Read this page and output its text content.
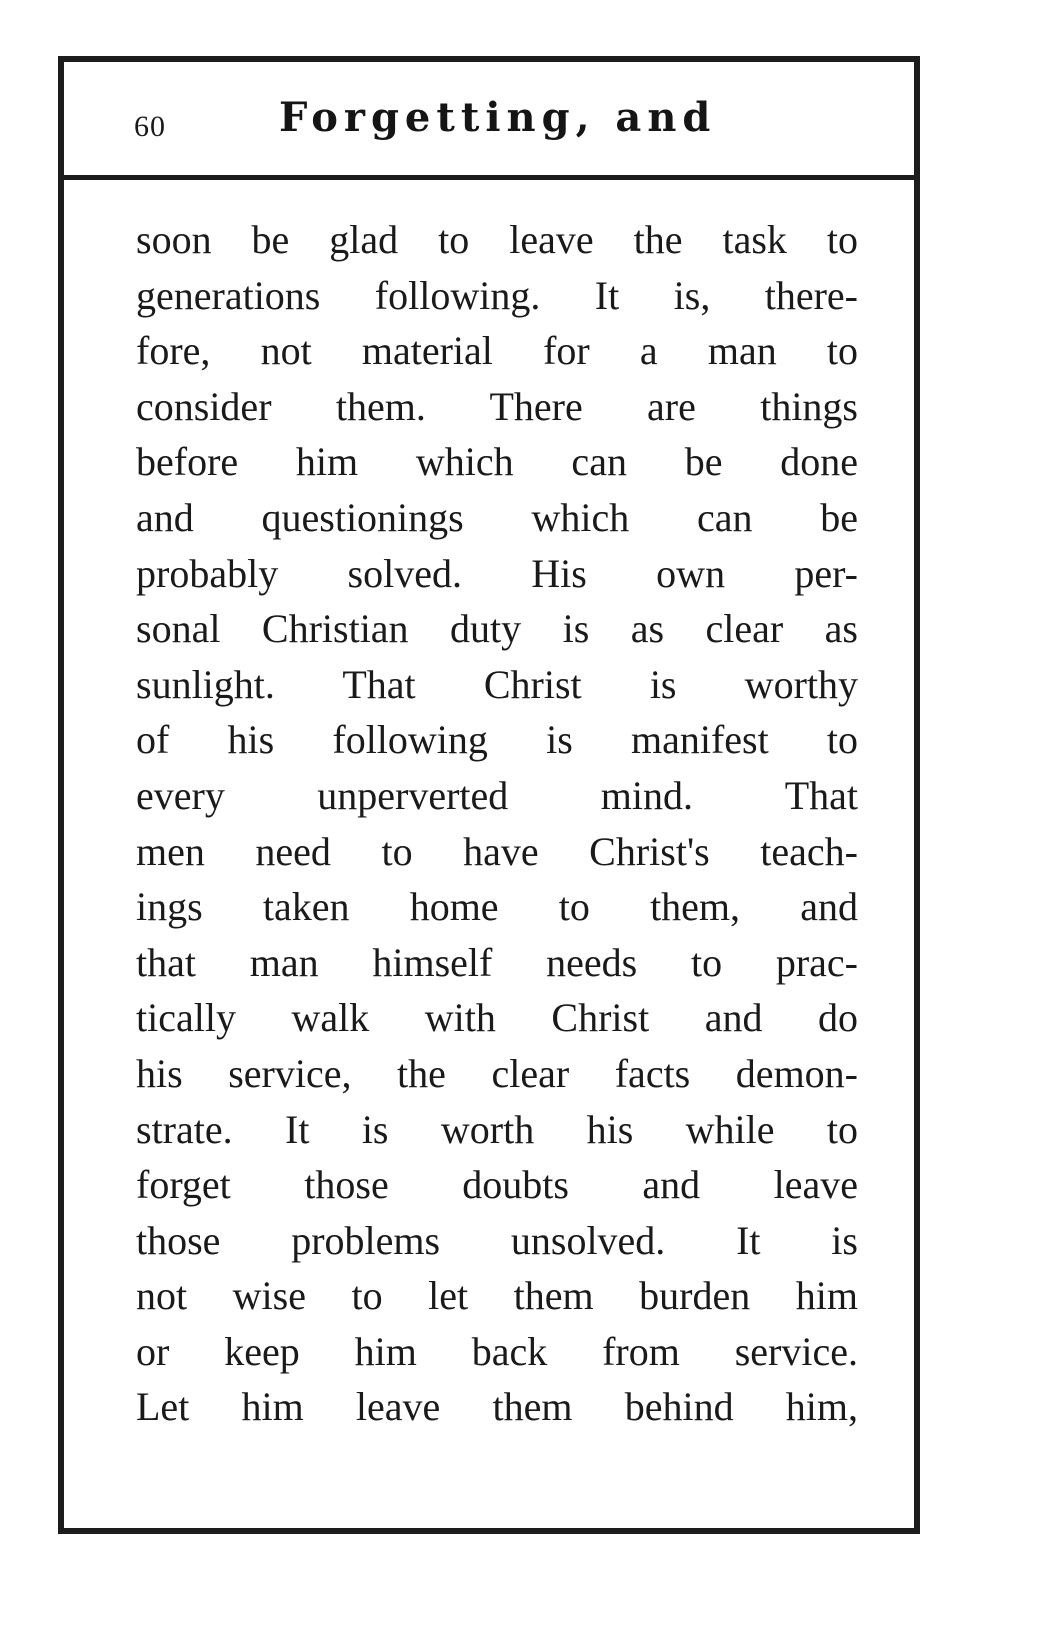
60	Forgetting, and
soon be glad to leave the task to
generations following. It is, there-
fore, not material for a man to
consider them. There are things
before him which can be done
and questionings which can be
probably solved. His own per-
sonal Christian duty is as clear as
sunlight. That Christ is worthy
of his following is manifest to
every unperverted mind. That
men need to have Christ's teach-
ings taken home to them, and
that man himself needs to prac-
tically walk with Christ and do
his service, the clear facts demon-
strate. It is worth his while to
forget those doubts and leave
those problems unsolved. It is
not wise to let them burden him
or keep him back from service.
Let him leave them behind him,
